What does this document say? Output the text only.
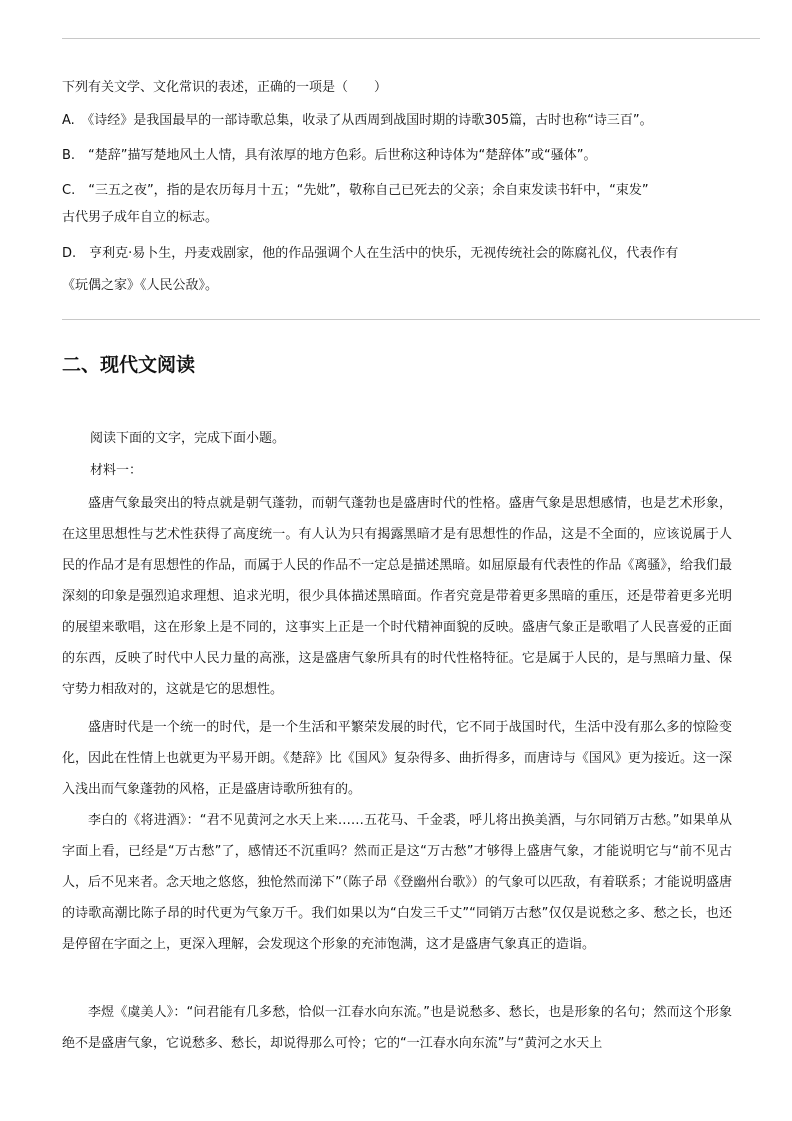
下列有关文学、文化常识的表述，正确的一项是（　　）
A.　《诗经》是我国最早的一部诗歌总集，收录了从西周到战国时期的诗歌305篇，古时也称“诗三百”。
B.　“楚辞”描写楚地风土人情，具有浓厚的地方色彩。后世称这种诗体为“楚辞体”或“骚体”。
C.　“三五之夜”，指的是农历每月十五；“先妣”，敬称自己已死去的父亲；余自束发读书轩中，“束发”
古代男子成年自立的标志。
D.　亨利克·易卜生，丹麦戏剧家，他的作品强调个人在生活中的快乐，无视传统社会的陈腐礼仪，代表作有
《玩偶之家》《人民公敌》。
二、现代文阅读
阅读下面的文字，完成下面小题。
材料一：
盛唐气象最突出的特点就是朝气蓬勃，而朝气蓬勃也是盛唐时代的性格。盛唐气象是思想感情，也是艺术形象，在这里思想性与艺术性获得了高度统一。有人认为只有揭露黑暗才是有思想性的作品，这是不全面的，应该说属于人民的作品才是有思想性的作品，而属于人民的作品不一定总是描述黑暗。如屈原最有代表性的作品《离骚》，给我们最深刻的印象是强烈追求理想、追求光明，很少具体描述黑暗面。作者究竟是带着更多黑暗的重压，还是带着更多光明的展望来歌唱，这在形象上是不同的，这事实上正是一个时代精神面貌的反映。盛唐气象正是歌唱了人民喜爱的正面的东西，反映了时代中人民力量的高涨，这是盛唐气象所具有的时代性格特征。它是属于人民的，是与黑暗力量、保守势力相敌对的，这就是它的思想性。
盛唐时代是一个统一的时代，是一个生活和平繁荣发展的时代，它不同于战国时代，生活中没有那么多的惊险变化，因此在性情上也就更为平易开朗。《楚辞》比《国风》复杂得多、曲折得多，而唐诗与《国风》更为接近。这一深入浅出而气象蓬勃的风格，正是盛唐诗歌所独有的。
李白的《将进酒》：“君不见黄河之水天上来……五花马、千金裘，呼儿将出换美酒，与尔同销万古愁。”如果单从字面上看，已经是“万古愁”了，感情还不沉重吗？然而正是这“万古愁”才够得上盛唐气象，才能说明它与“前不见古人，后不见来者。念天地之悠悠，独怆然而涕下”（陈子昂《登幽州台歌》）的气象可以匹敌，有着联系；才能说明盛唐的诗歌高潮比陈子昂的时代更为气象万千。我们如果以为“白发三千丈”“同销万古愁”仅仅是说愁之多、愁之长，也还是停留在字面之上，更深入理解，会发现这个形象的充沛饱满，这才是盛唐气象真正的造诣。
李煜《虞美人》：“问君能有几多愁，恰似一江春水向东流。”也是说愁多、愁长，也是形象的名句；然而这个形象绝不是盛唐气象，它说愁多、愁长，却说得那么可怜；它的“一江春水向东流”与“黄河之水天上
